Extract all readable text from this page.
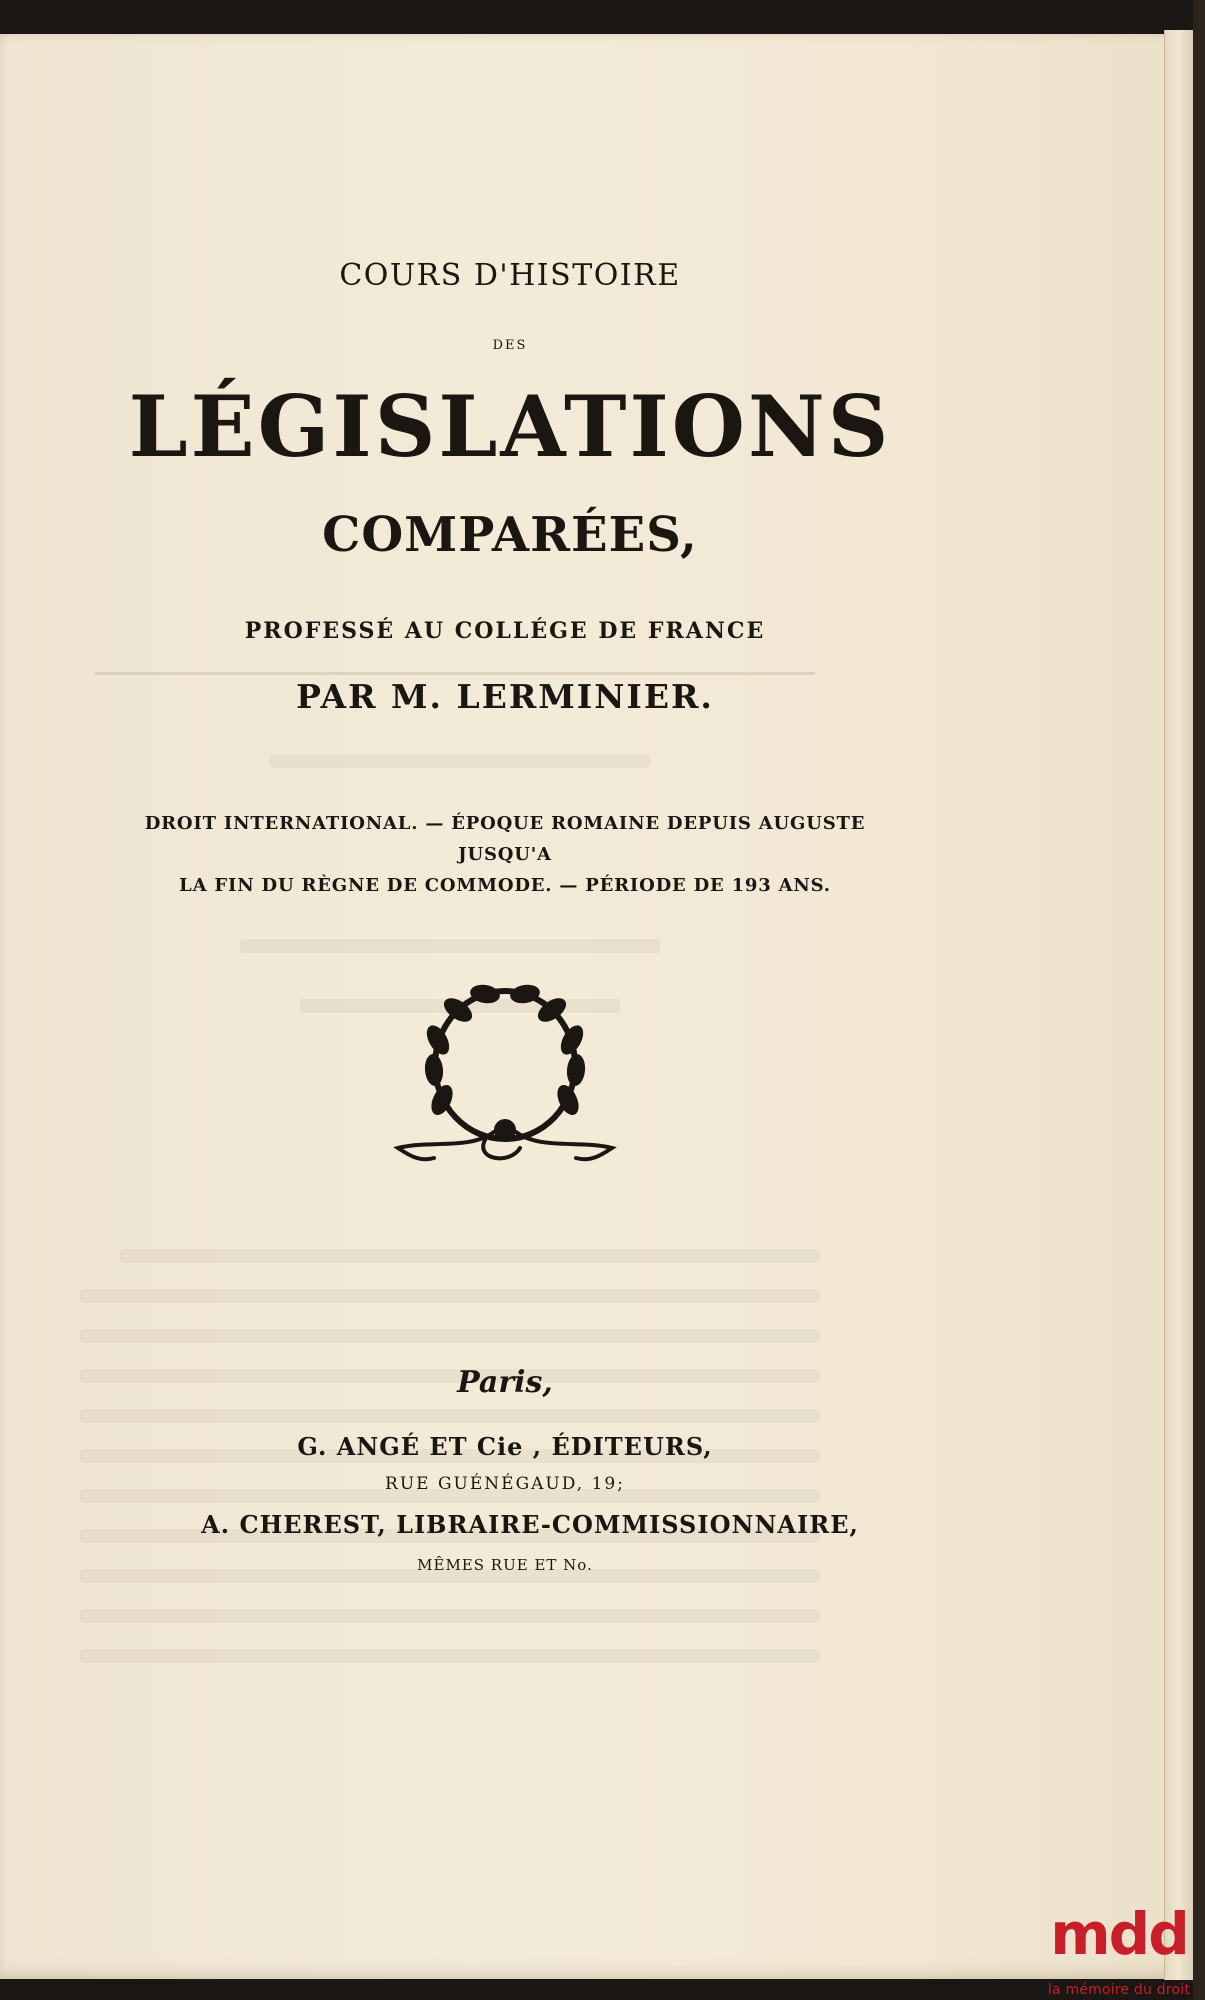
COURS D'HISTOIRE
DES
LÉGISLATIONS
COMPARÉES,
PROFESSÉ AU COLLÉGE DE FRANCE
PAR M. LERMINIER.
DROIT INTERNATIONAL. — ÉPOQUE ROMAINE DEPUIS AUGUSTE JUSQU'A
LA FIN DU RÈGNE DE COMMODE. — PÉRIODE DE 193 ANS.
Paris,
G. ANGÉ ET Cie , ÉDITEURS,
RUE GUÉNÉGAUD, 19;
A. CHEREST, LIBRAIRE-COMMISSIONNAIRE,
MÊMES RUE ET No.
mdd
la mémoire du droit
